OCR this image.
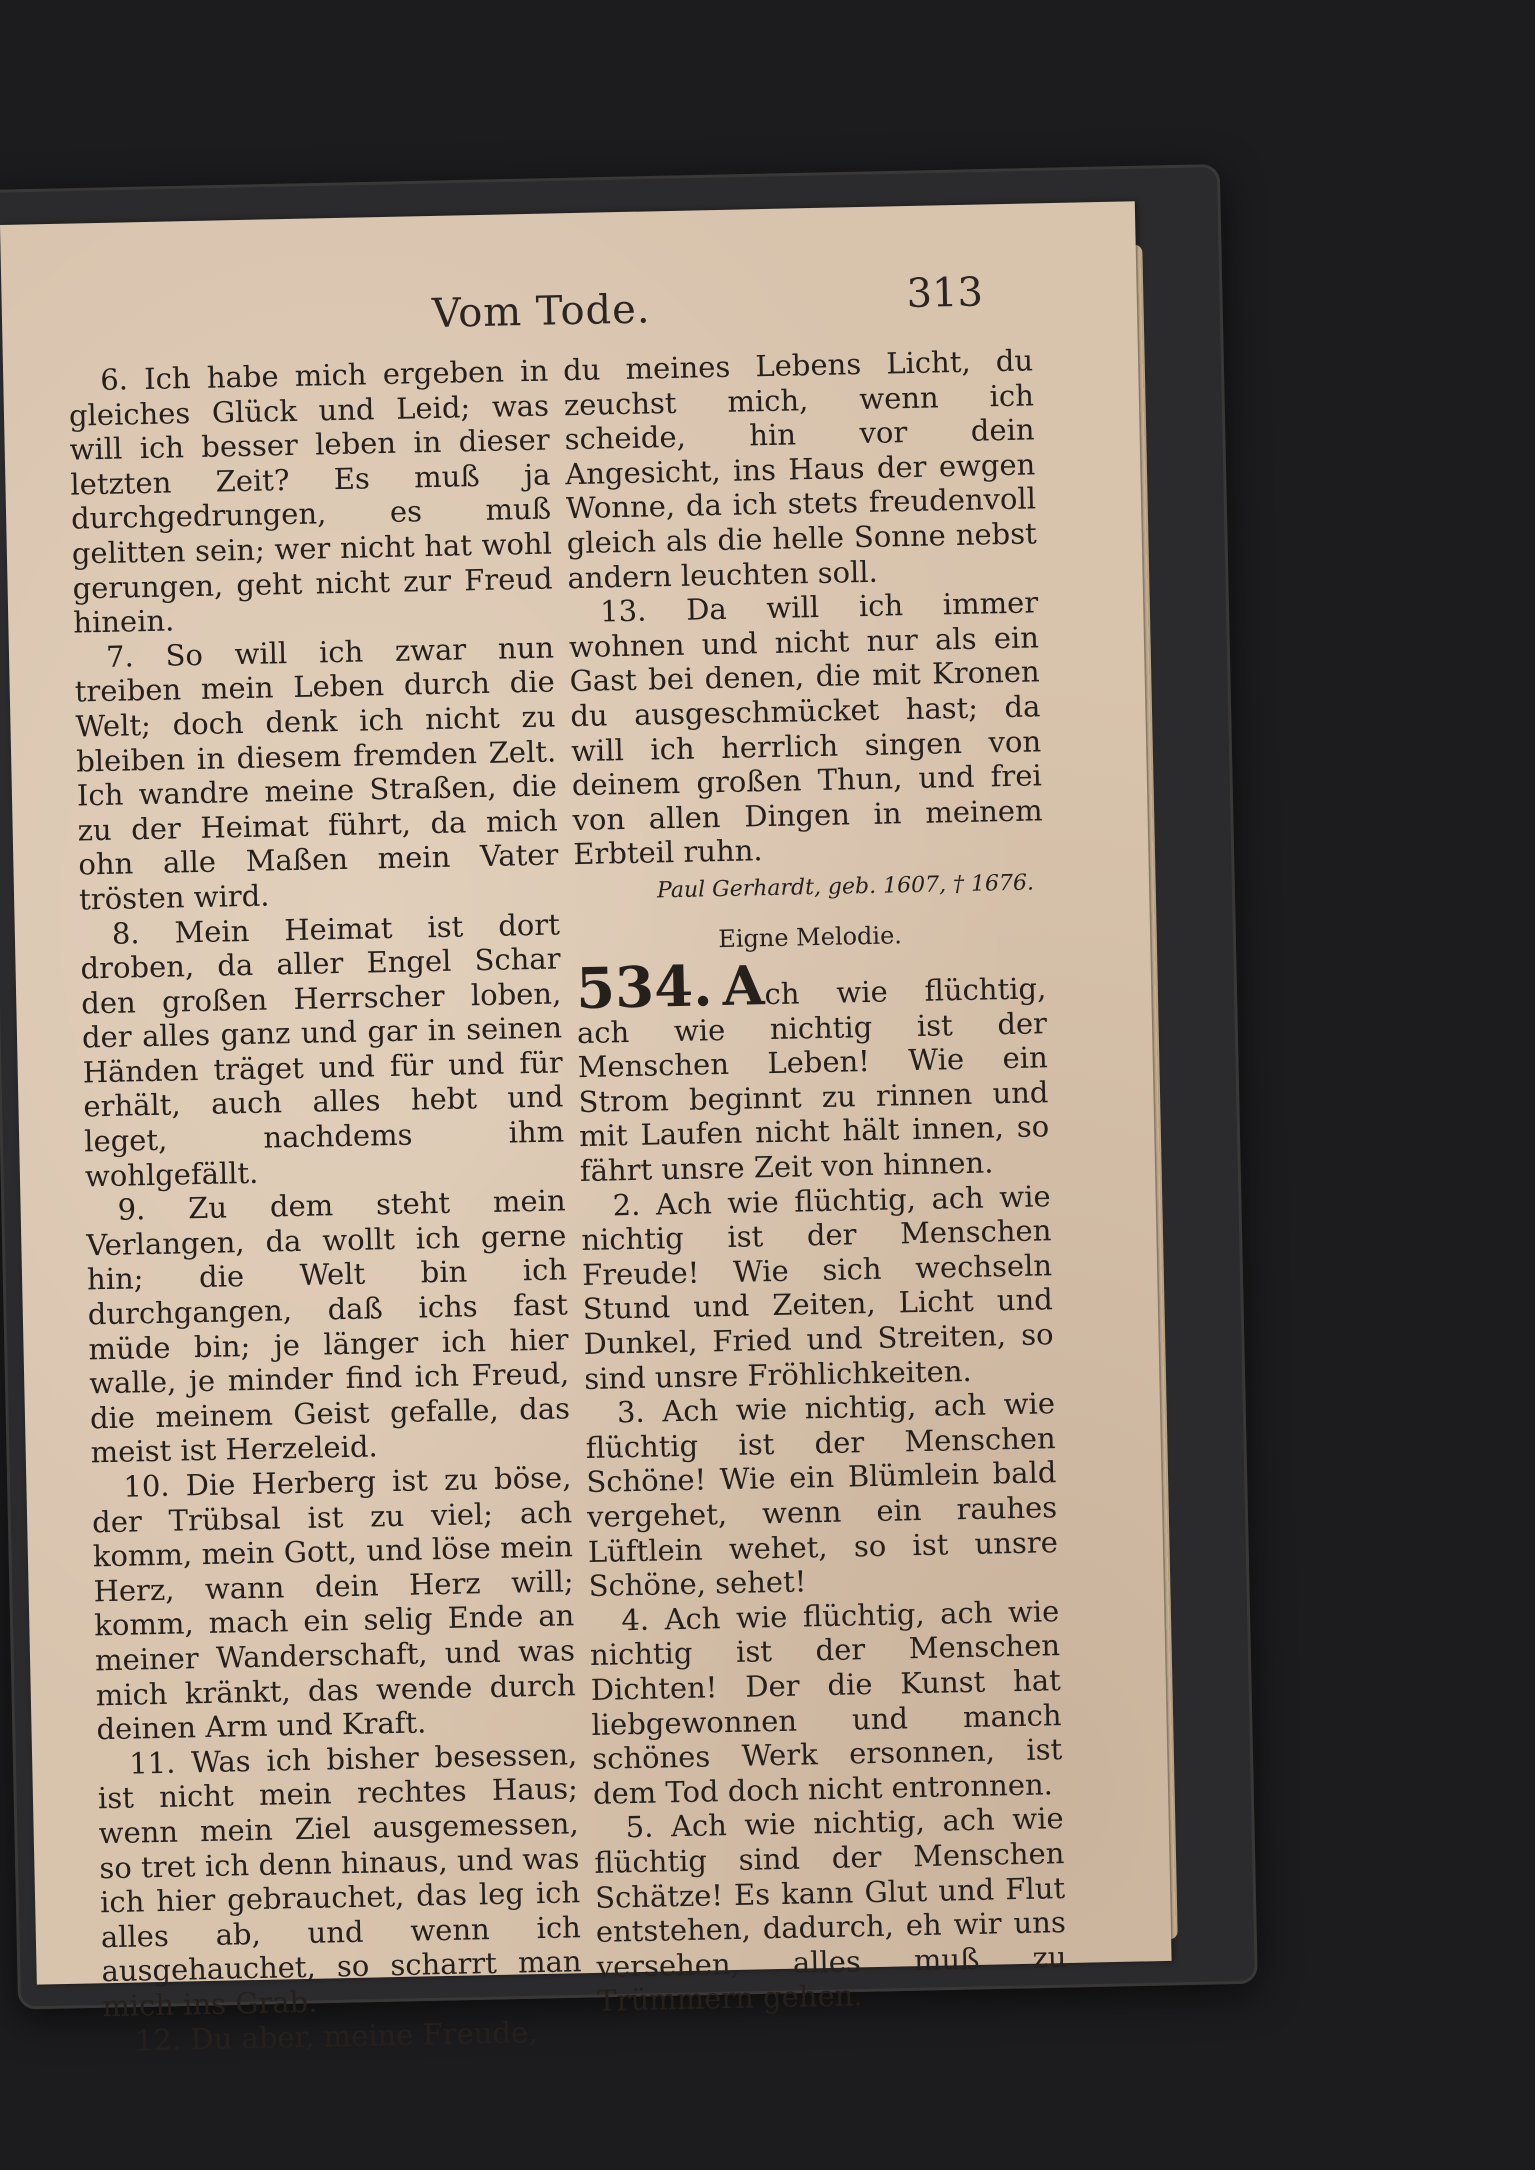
Vom Tode.	313

6. Ich habe mich ergeben in gleiches Glück und Leid; was will ich besser leben in dieser letzten Zeit? Es muß ja durchgedrungen, es muß gelitten sein; wer nicht hat wohl gerungen, geht nicht zur Freud hinein.

7. So will ich zwar nun treiben mein Leben durch die Welt; doch denk ich nicht zu bleiben in diesem fremden Zelt. Ich wandre meine Straßen, die zu der Heimat führt, da mich ohn alle Maßen mein Vater trösten wird.

8. Mein Heimat ist dort droben, da aller Engel Schar den großen Herrscher loben, der alles ganz und gar in seinen Händen träget und für und für erhält, auch alles hebt und leget, nachdems ihm wohlgefällt.

9. Zu dem steht mein Verlangen, da wollt ich gerne hin; die Welt bin ich durchgangen, daß ichs fast müde bin; je länger ich hier walle, je minder find ich Freud, die meinem Geist gefalle, das meist ist Herzeleid.

10. Die Herberg ist zu böse, der Trübsal ist zu viel; ach komm, mein Gott, und löse mein Herz, wann dein Herz will; komm, mach ein selig Ende an meiner Wanderschaft, und was mich kränkt, das wende durch deinen Arm und Kraft.

11. Was ich bisher besessen, ist nicht mein rechtes Haus; wenn mein Ziel ausgemessen, so tret ich denn hinaus, und was ich hier gebrauchet, das leg ich alles ab, und wenn ich ausgehauchet, so scharrt man mich ins Grab.

12. Du aber, meine Freude,

du meines Lebens Licht, du zeuchst mich, wenn ich scheide, hin vor dein Angesicht, ins Haus der ewgen Wonne, da ich stets freudenvoll gleich als die helle Sonne nebst andern leuchten soll.

13. Da will ich immer wohnen und nicht nur als ein Gast bei denen, die mit Kronen du ausgeschmücket hast; da will ich herrlich singen von deinem großen Thun, und frei von allen Dingen in meinem Erbteil ruhn.

Paul Gerhardt, geb. 1607, † 1676.
Eigne Melodie.

534. Ach wie flüchtig, ach wie nichtig ist der Menschen Leben! Wie ein Strom beginnt zu rinnen und mit Laufen nicht hält innen, so fährt unsre Zeit von hinnen.

2. Ach wie flüchtig, ach wie nichtig ist der Menschen Freude! Wie sich wechseln Stund und Zeiten, Licht und Dunkel, Fried und Streiten, so sind unsre Fröhlichkeiten.

3. Ach wie nichtig, ach wie flüchtig ist der Menschen Schöne! Wie ein Blümlein bald vergehet, wenn ein rauhes Lüftlein wehet, so ist unsre Schöne, sehet!

4. Ach wie flüchtig, ach wie nichtig ist der Menschen Dichten! Der die Kunst hat liebgewonnen und manch schönes Werk ersonnen, ist dem Tod doch nicht entronnen.

5. Ach wie nichtig, ach wie flüchtig sind der Menschen Schätze! Es kann Glut und Flut entstehen, dadurch, eh wir uns versehen, alles muß zu Trümmern gehen.
